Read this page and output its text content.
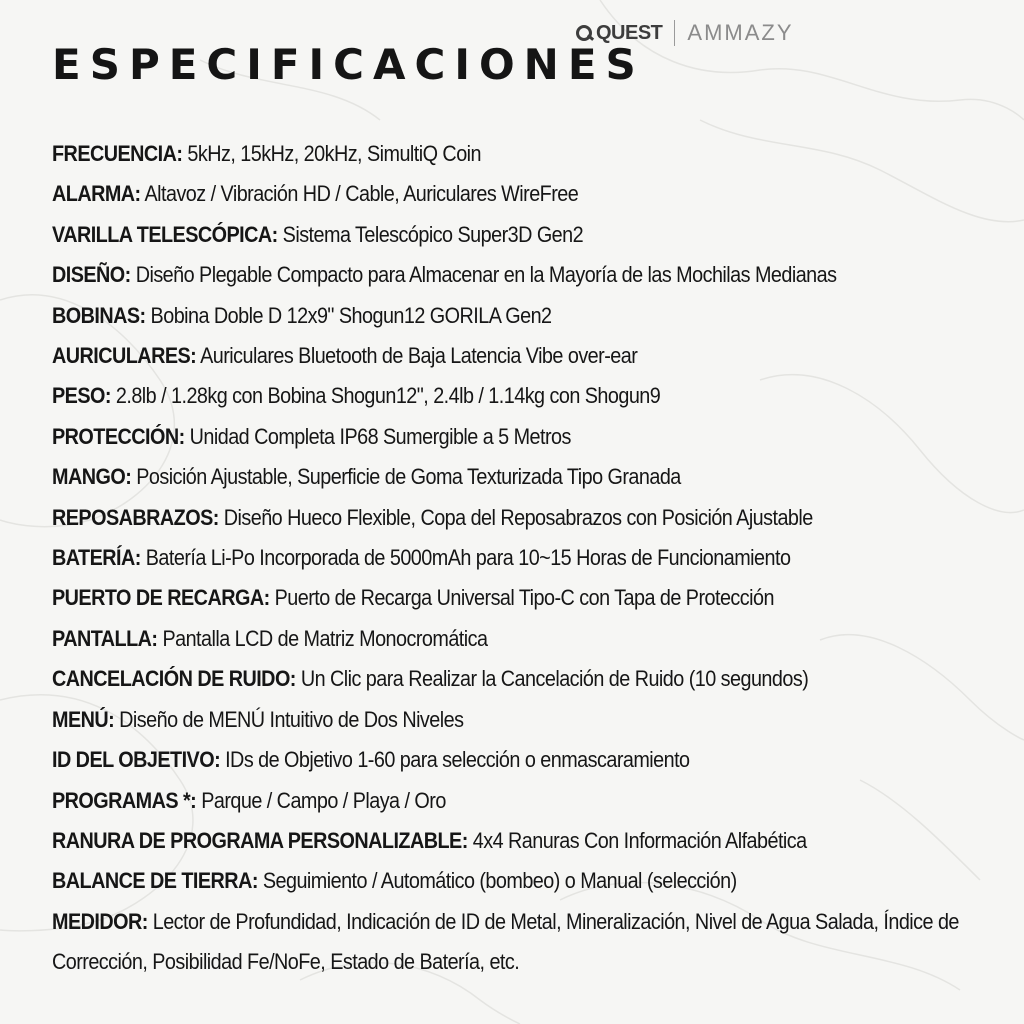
QUEST AMMAZY
ESPECIFICACIONES
FRECUENCIA: 5kHz, 15kHz, 20kHz, SimultiQ Coin
ALARMA: Altavoz / Vibración HD / Cable, Auriculares WireFree
VARILLA TELESCÓPICA: Sistema Telescópico Super3D Gen2
DISEÑO: Diseño Plegable Compacto para Almacenar en la Mayoría de las Mochilas Medianas
BOBINAS: Bobina Doble D 12x9" Shogun12 GORILA Gen2
AURICULARES: Auriculares Bluetooth de Baja Latencia Vibe over-ear
PESO: 2.8lb / 1.28kg con Bobina Shogun12", 2.4lb / 1.14kg con Shogun9
PROTECCIÓN: Unidad Completa IP68 Sumergible a 5 Metros
MANGO: Posición Ajustable, Superficie de Goma Texturizada Tipo Granada
REPOSABRAZOS: Diseño Hueco Flexible, Copa del Reposabrazos con Posición Ajustable
BATERÍA: Batería Li-Po Incorporada de 5000mAh para 10~15 Horas de Funcionamiento
PUERTO DE RECARGA: Puerto de Recarga Universal Tipo-C con Tapa de Protección
PANTALLA: Pantalla LCD de Matriz Monocromática
CANCELACIÓN DE RUIDO: Un Clic para Realizar la Cancelación de Ruido (10 segundos)
MENÚ: Diseño de MENÚ Intuitivo de Dos Niveles
ID DEL OBJETIVO: IDs de Objetivo 1-60 para selección o enmascaramiento
PROGRAMAS *: Parque / Campo / Playa / Oro
RANURA DE PROGRAMA PERSONALIZABLE: 4x4 Ranuras Con Información Alfabética
BALANCE DE TIERRA: Seguimiento / Automático (bombeo) o Manual (selección)
MEDIDOR: Lector de Profundidad, Indicación de ID de Metal, Mineralización, Nivel de Agua Salada, Índice de Corrección, Posibilidad Fe/NoFe, Estado de Batería, etc.
